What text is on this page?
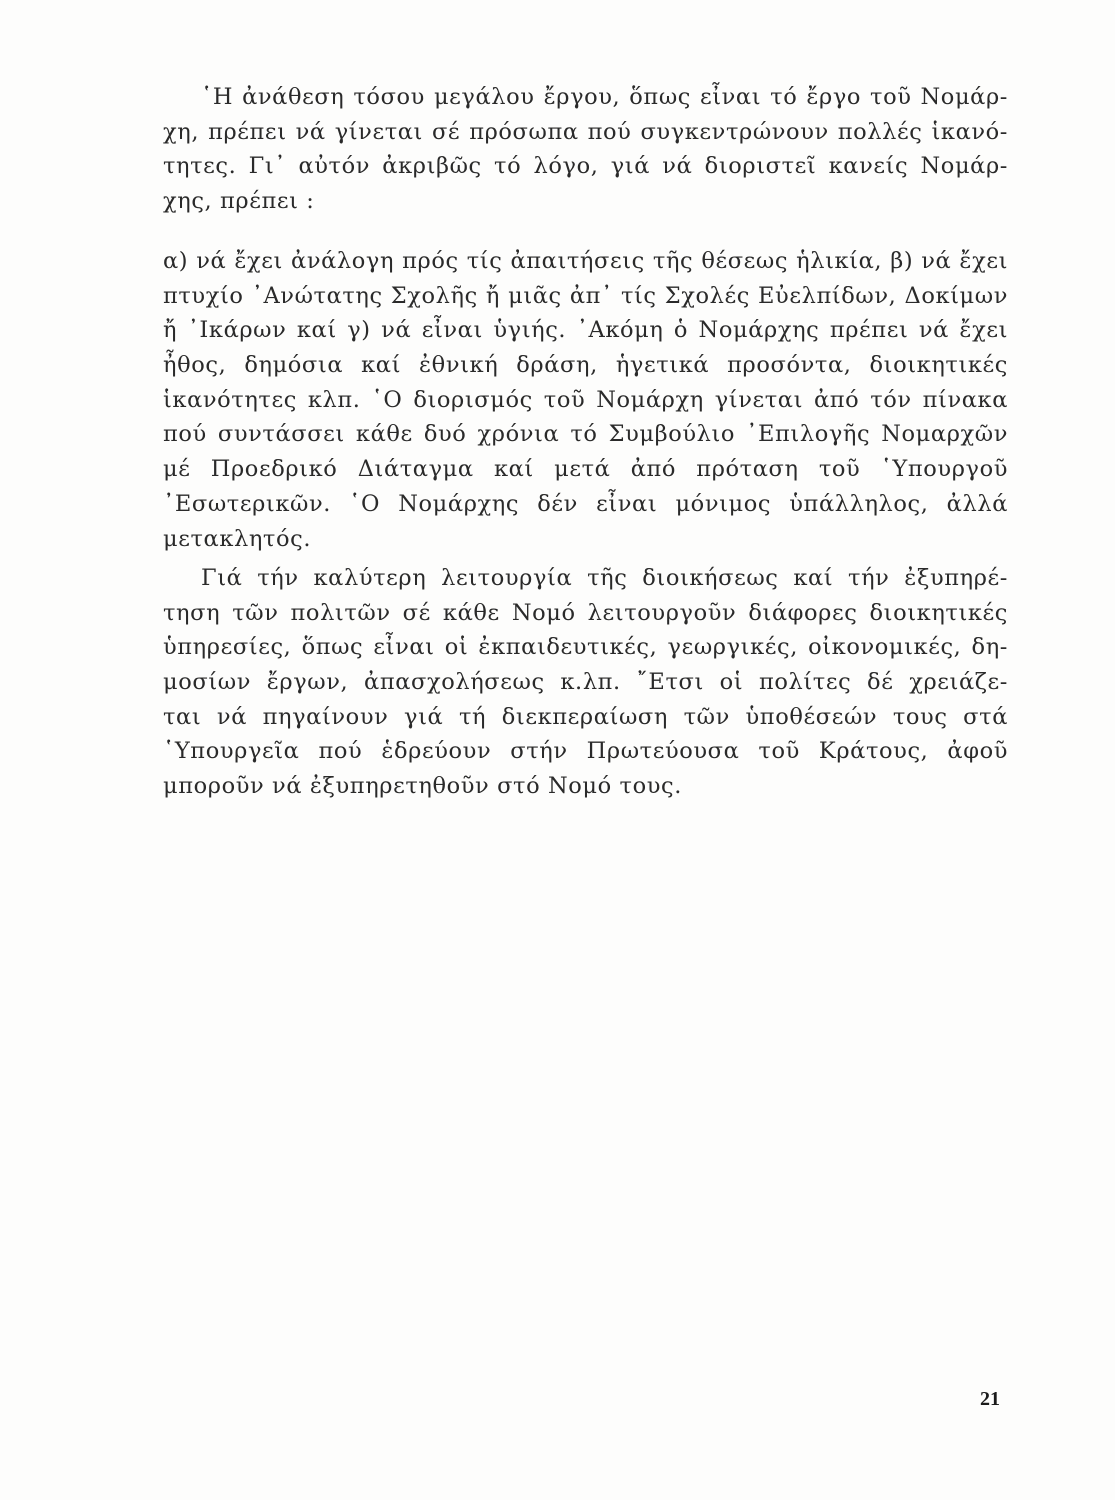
῾Η ἀνάθεση τόσου μεγάλου ἔργου, ὅπως εἶναι τό ἔργο τοῦ Νομάρ-
χη, πρέπει νά γίνεται σέ πρόσωπα πού συγκεντρώνουν πολλές ἱκανό-
τητες. Γι᾿ αὐτόν ἀκριβῶς τό λόγο, γιά νά διοριστεῖ κανείς Νομάρ-
χης, πρέπει :
α) νά ἔχει ἀνάλογη πρός τίς ἀπαιτήσεις τῆς θέσεως ἡλικία, β) νά ἔχει
πτυχίο ᾿Ανώτατης Σχολῆς ἤ μιᾶς ἀπ᾿ τίς Σχολές Εὐελπίδων, Δοκίμων
ἤ ᾿Ικάρων καί γ) νά εἶναι ὑγιής. ᾿Ακόμη ὁ Νομάρχης πρέπει νά ἔχει
ἦθος, δημόσια καί ἐθνική δράση, ἡγετικά προσόντα, διοικητικές
ἱκανότητες κλπ. ῾Ο διορισμός τοῦ Νομάρχη γίνεται ἀπό τόν πίνακα
πού συντάσσει κάθε δυό χρόνια τό Συμβούλιο ᾿Επιλογῆς Νομαρχῶν
μέ Προεδρικό Διάταγμα καί μετά ἀπό πρόταση τοῦ ῾Υπουργοῦ
᾿Εσωτερικῶν. ῾Ο Νομάρχης δέν εἶναι μόνιμος ὑπάλληλος, ἀλλά
μετακλητός.
Γιά τήν καλύτερη λειτουργία τῆς διοικήσεως καί τήν ἐξυπηρέ-
τηση τῶν πολιτῶν σέ κάθε Νομό λειτουργοῦν διάφορες διοικητικές
ὑπηρεσίες, ὅπως εἶναι οἱ ἐκπαιδευτικές, γεωργικές, οἰκονομικές, δη-
μοσίων ἔργων, ἀπασχολήσεως κ.λπ. ῎Ετσι οἱ πολίτες δέ χρειάζε-
ται νά πηγαίνουν γιά τή διεκπεραίωση τῶν ὑποθέσεών τους στά
῾Υπουργεῖα πού ἑδρεύουν στήν Πρωτεύουσα τοῦ Κράτους, ἀφοῦ
μποροῦν νά ἐξυπηρετηθοῦν στό Νομό τους.
21
